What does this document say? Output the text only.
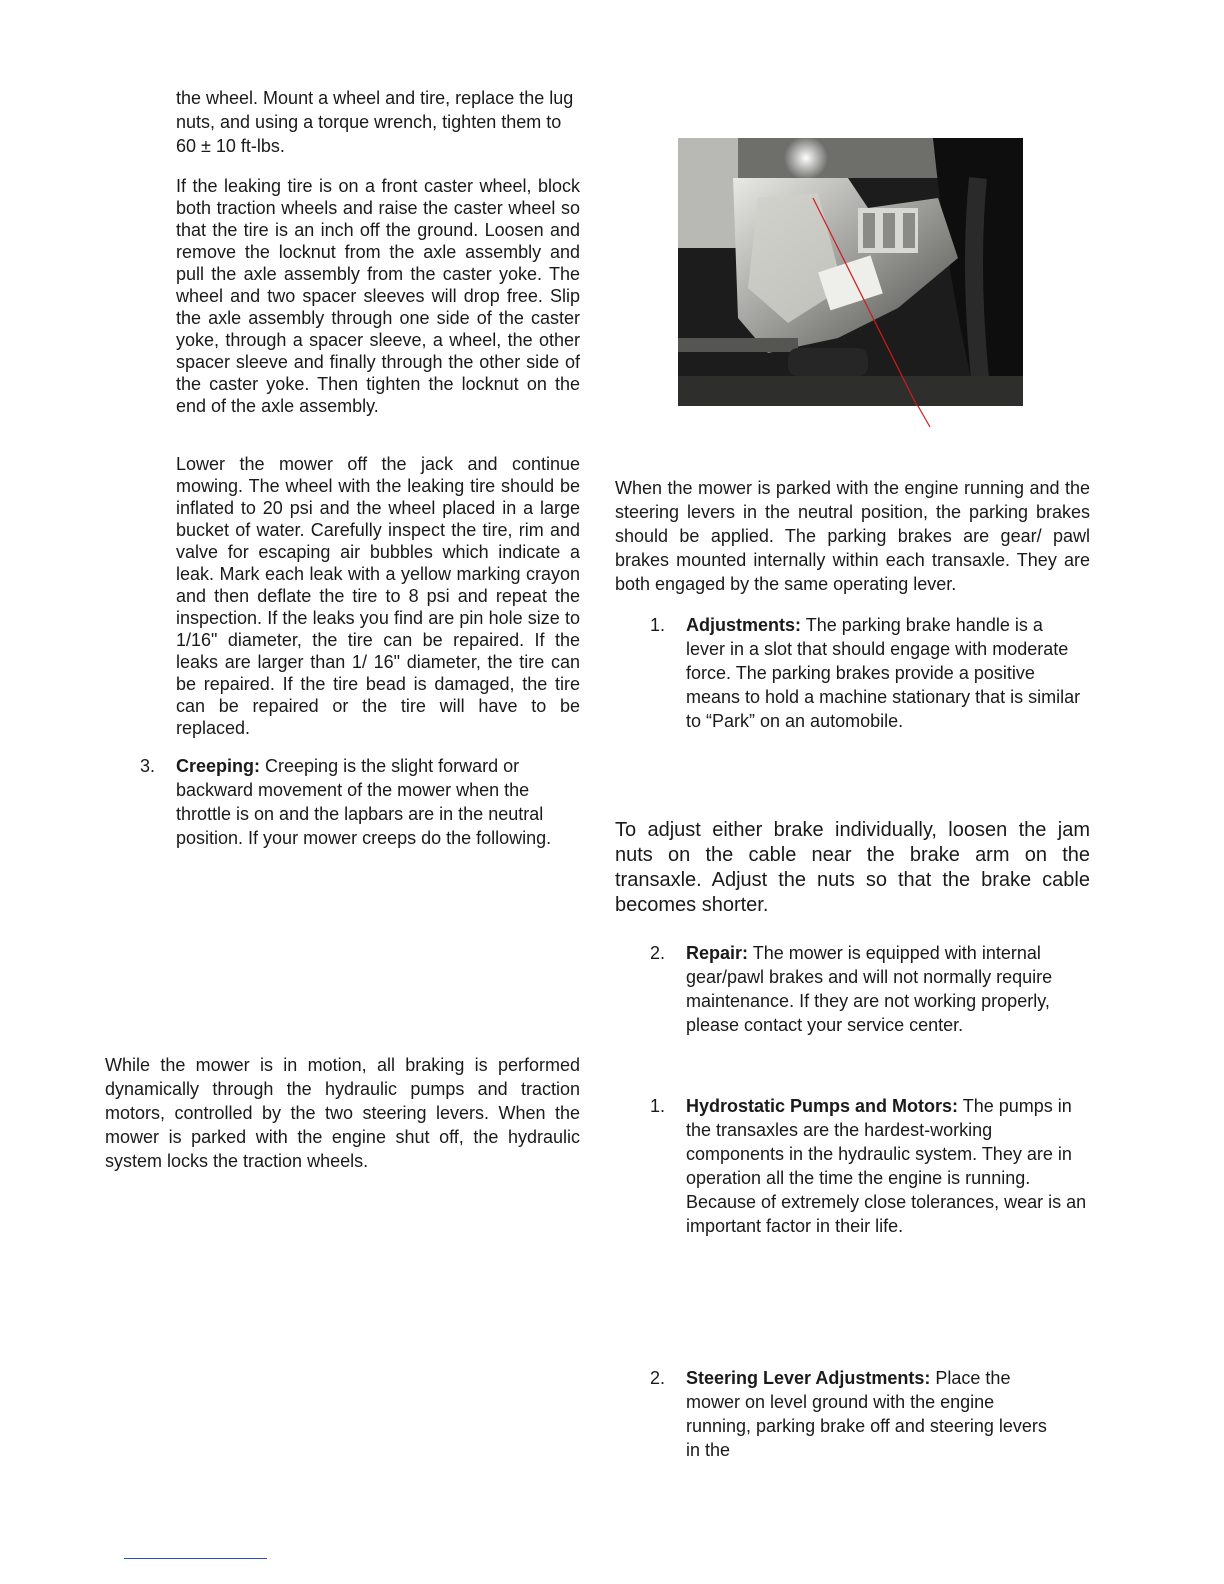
the wheel. Mount a wheel and tire, replace the lug nuts, and using a torque wrench, tighten them to 60 ± 10 ft-lbs.
If the leaking tire is on a front caster wheel, block both traction wheels and raise the caster wheel so that the tire is an inch off the ground. Loosen and remove the locknut from the axle assembly and pull the axle assembly from the caster yoke. The wheel and two spacer sleeves will drop free. Slip the axle assembly through one side of the caster yoke, through a spacer sleeve, a wheel, the other spacer sleeve and finally through the other side of the caster yoke. Then tighten the locknut on the end of the axle assembly.
Lower the mower off the jack and continue mowing. The wheel with the leaking tire should be inflated to 20 psi and the wheel placed in a large bucket of water. Carefully inspect the tire, rim and valve for escaping air bubbles which indicate a leak. Mark each leak with a yellow marking crayon and then deflate the tire to 8 psi and repeat the inspection. If the leaks you find are pin hole size to 1/16" diameter, the tire can be repaired. If the leaks are larger than 1/ 16" diameter, the tire can be repaired. If the tire bead is damaged, the tire can be repaired or the tire will have to be replaced.
3. Creeping: Creeping is the slight forward or backward movement of the mower when the throttle is on and the lapbars are in the neutral position. If your mower creeps do the following.
While the mower is in motion, all braking is performed dynamically through the hydraulic pumps and traction motors, controlled by the two steering levers. When the mower is parked with the engine shut off, the hydraulic system locks the traction wheels.
When the mower is parked with the engine running and the steering levers in the neutral position, the parking brakes should be applied. The parking brakes are gear/ pawl brakes mounted internally within each transaxle. They are both engaged by the same operating lever.
1. Adjustments: The parking brake handle is a lever in a slot that should engage with moderate force. The parking brakes provide a positive means to hold a machine stationary that is similar to “Park” on an automobile.
To adjust either brake individually, loosen the jam nuts on the cable near the brake arm on the transaxle. Adjust the nuts so that the brake cable becomes shorter.
2. Repair: The mower is equipped with internal gear/pawl brakes and will not normally require maintenance. If they are not working properly, please contact your service center.
1. Hydrostatic Pumps and Motors: The pumps in the transaxles are the hardest-working components in the hydraulic system. They are in operation all the time the engine is running. Because of extremely close tolerances, wear is an important factor in their life.
2. Steering Lever Adjustments: Place the mower on level ground with the engine running, parking brake off and steering levers in the
